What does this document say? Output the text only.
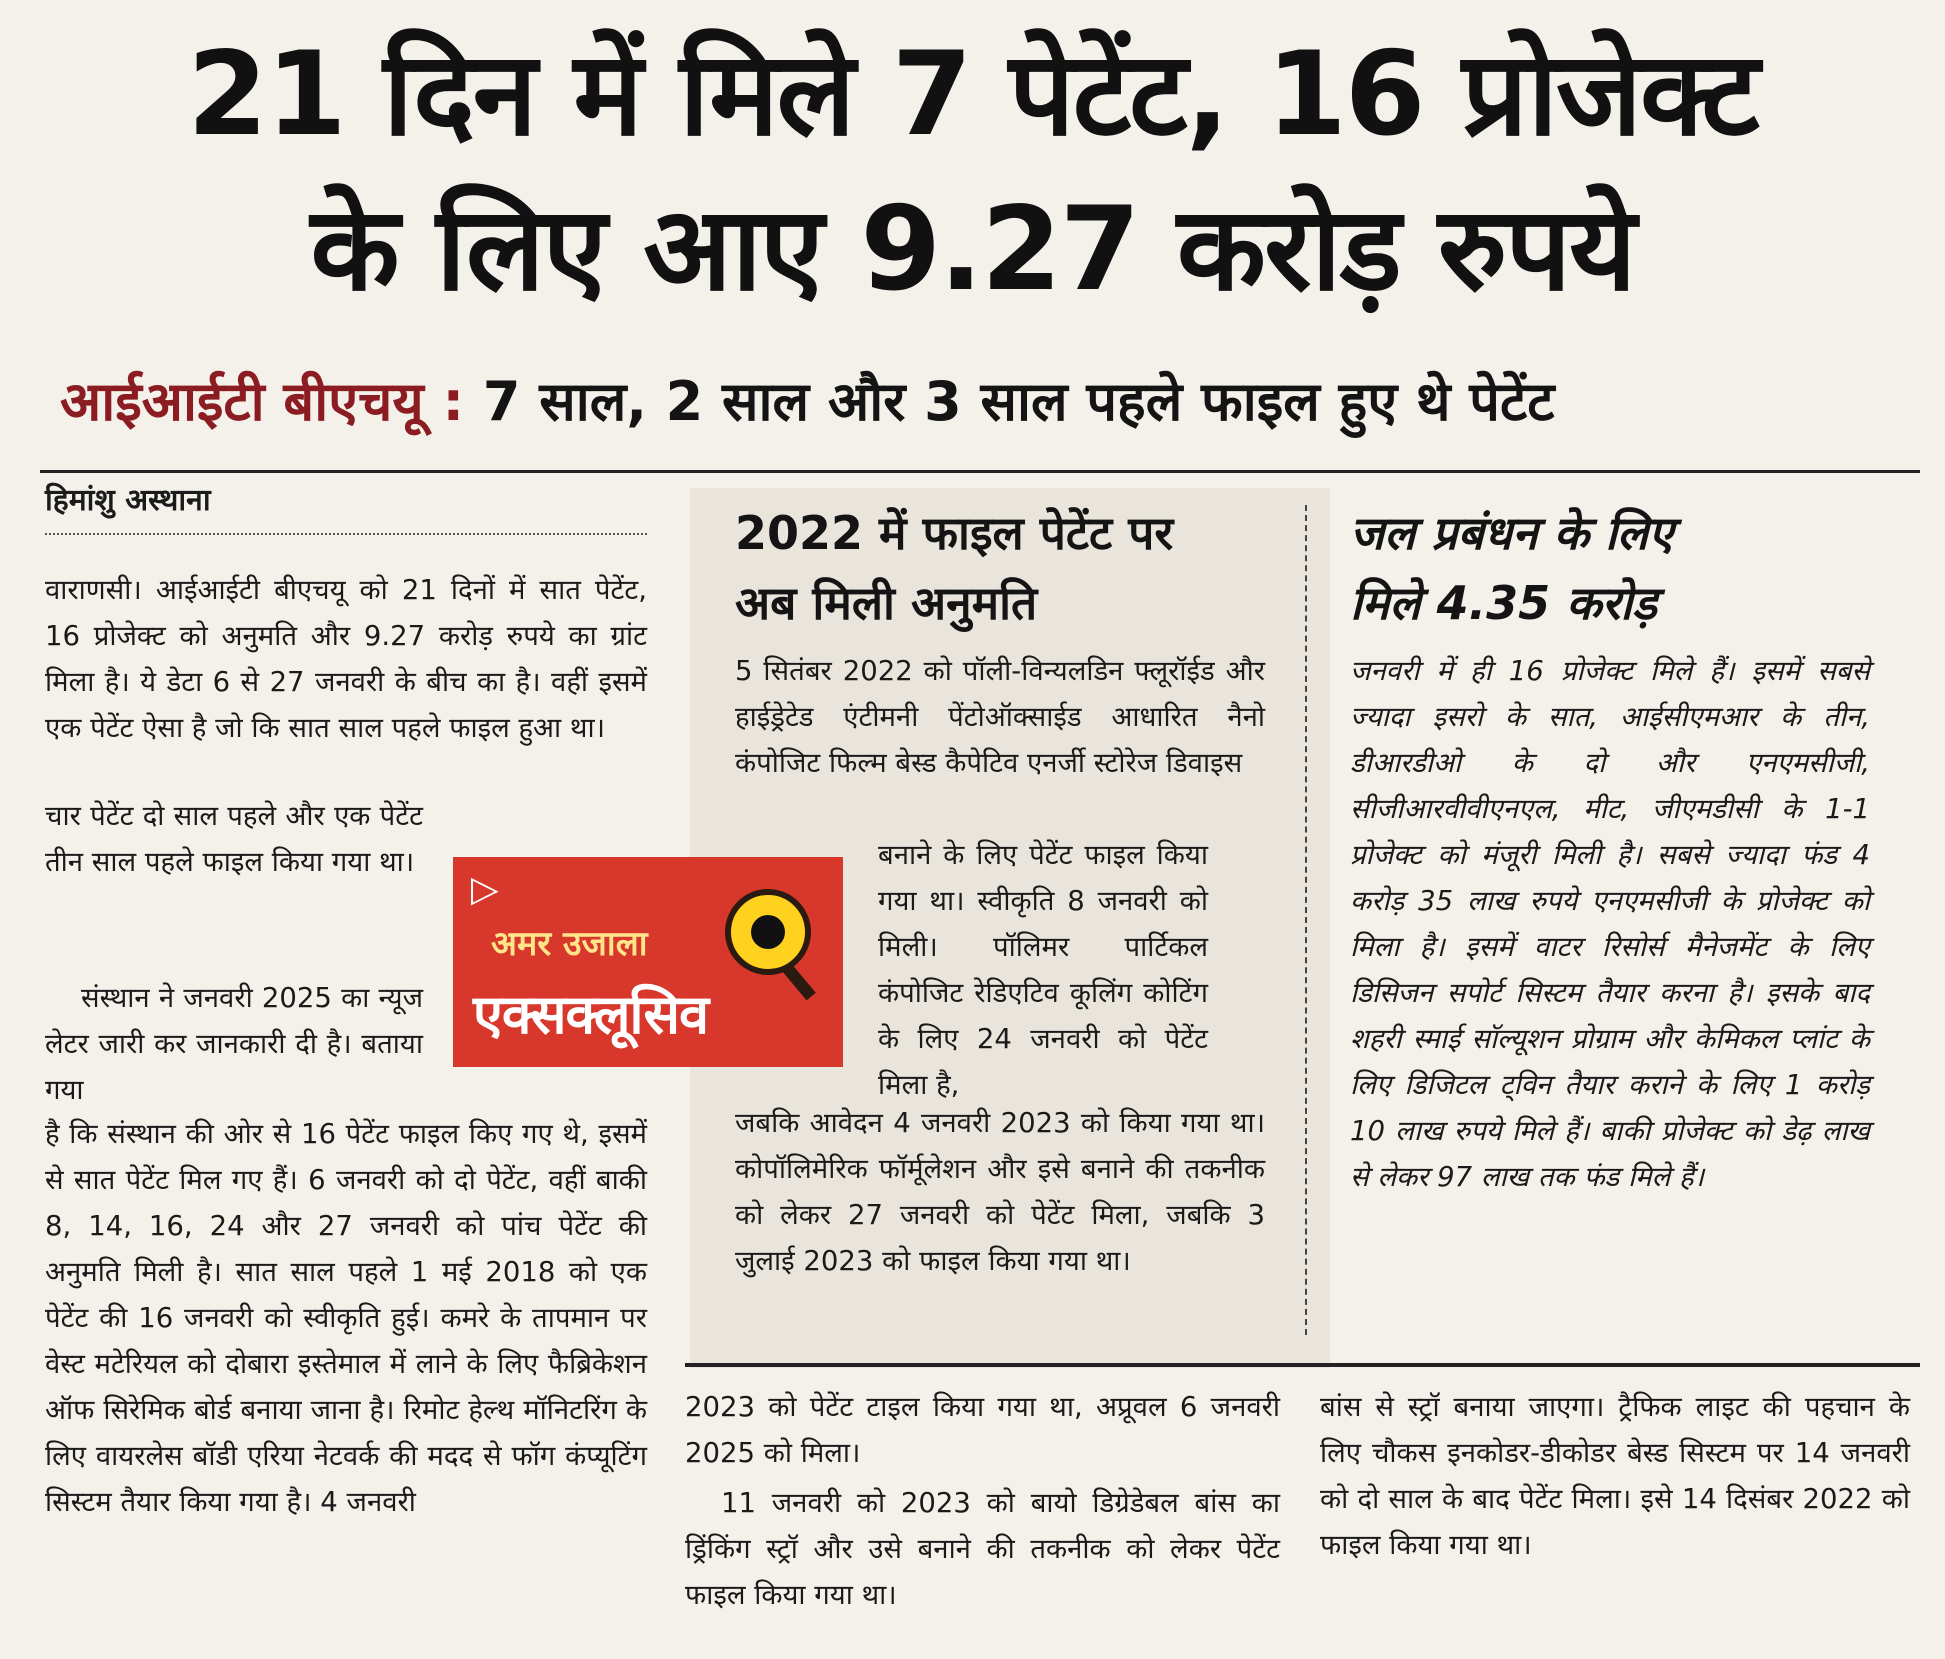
21 दिन में मिले 7 पेटेंट, 16 प्रोजेक्ट
के लिए आए 9.27 करोड़ रुपये
आईआईटी बीएचयू : 7 साल, 2 साल और 3 साल पहले फाइल हुए थे पेटेंट
हिमांशु अस्थाना
वाराणसी। आईआईटी बीएचयू को 21 दिनों में सात पेटेंट, 16 प्रोजेक्ट को अनुमति और 9.27 करोड़ रुपये का ग्रांट मिला है। ये डेटा 6 से 27 जनवरी के बीच का है। वहीं इसमें एक पेटेंट ऐसा है जो कि सात साल पहले फाइल हुआ था।
चार पेटेंट दो साल पहले और एक पेटेंट तीन साल पहले फाइल किया गया था।
संस्थान ने जनवरी 2025 का न्यूज लेटर जारी कर जानकारी दी है। बताया गया
है कि संस्थान की ओर से 16 पेटेंट फाइल किए गए थे, इसमें से सात पेटेंट मिल गए हैं। 6 जनवरी को दो पेटेंट, वहीं बाकी 8, 14, 16, 24 और 27 जनवरी को पांच पेटेंट की अनुमति मिली है। सात साल पहले 1 मई 2018 को एक पेटेंट की 16 जनवरी को स्वीकृति हुई। कमरे के तापमान पर वेस्ट मटेरियल को दोबारा इस्तेमाल में लाने के लिए फैब्रिकेशन ऑफ सिरेमिक बोर्ड बनाया जाना है। रिमोट हेल्थ मॉनिटरिंग के लिए वायरलेस बॉडी एरिया नेटवर्क की मदद से फॉग कंप्यूटिंग सिस्टम तैयार किया गया है। 4 जनवरी
▷
अमर उजाला
एक्सक्लूसिव
2022 में फाइल पेटेंट पर
अब मिली अनुमति
5 सितंबर 2022 को पॉली-विन्यलडिन फ्लूरॉईड और हाईड्रेटेड एंटीमनी पेंटोऑक्साईड आधारित नैनो कंपोजिट फिल्म बेस्ड कैपेटिव एनर्जी स्टोरेज डिवाइस
बनाने के लिए पेटेंट फाइल किया गया था। स्वीकृति 8 जनवरी को मिली। पॉलिमर पार्टिकल कंपोजिट रेडिएटिव कूलिंग कोटिंग के लिए 24 जनवरी को पेटेंट मिला है,
जबकि आवेदन 4 जनवरी 2023 को किया गया था। कोपॉलिमेरिक फॉर्मूलेशन और इसे बनाने की तकनीक को लेकर 27 जनवरी को पेटेंट मिला, जबकि 3 जुलाई 2023 को फाइल किया गया था।
जल प्रबंधन के लिए
मिले 4.35 करोड़
जनवरी में ही 16 प्रोजेक्ट मिले हैं। इसमें सबसे ज्यादा इसरो के सात, आईसीएमआर के तीन, डीआरडीओ के दो और एनएमसीजी, सीजीआरवीवीएनएल, मीट, जीएमडीसी के 1-1 प्रोजेक्ट को मंजूरी मिली है। सबसे ज्यादा फंड 4 करोड़ 35 लाख रुपये एनएमसीजी के प्रोजेक्ट को मिला है। इसमें वाटर रिसोर्स मैनेजमेंट के लिए डिसिजन सपोर्ट सिस्टम तैयार करना है। इसके बाद शहरी स्माई सॉल्यूशन प्रोग्राम और केमिकल प्लांट के लिए डिजिटल ट्विन तैयार कराने के लिए 1 करोड़ 10 लाख रुपये मिले हैं। बाकी प्रोजेक्ट को डेढ़ लाख से लेकर 97 लाख तक फंड मिले हैं।
2023 को पेटेंट टाइल किया गया था, अप्रूवल 6 जनवरी 2025 को मिला।
11 जनवरी को 2023 को बायो डिग्रेडेबल बांस का ड्रिंकिंग स्ट्रॉ और उसे बनाने की तकनीक को लेकर पेटेंट फाइल किया गया था।
बांस से स्ट्रॉ बनाया जाएगा। ट्रैफिक लाइट की पहचान के लिए चौकस इनकोडर-डीकोडर बेस्ड सिस्टम पर 14 जनवरी को दो साल के बाद पेटेंट मिला। इसे 14 दिसंबर 2022 को फाइल किया गया था।
